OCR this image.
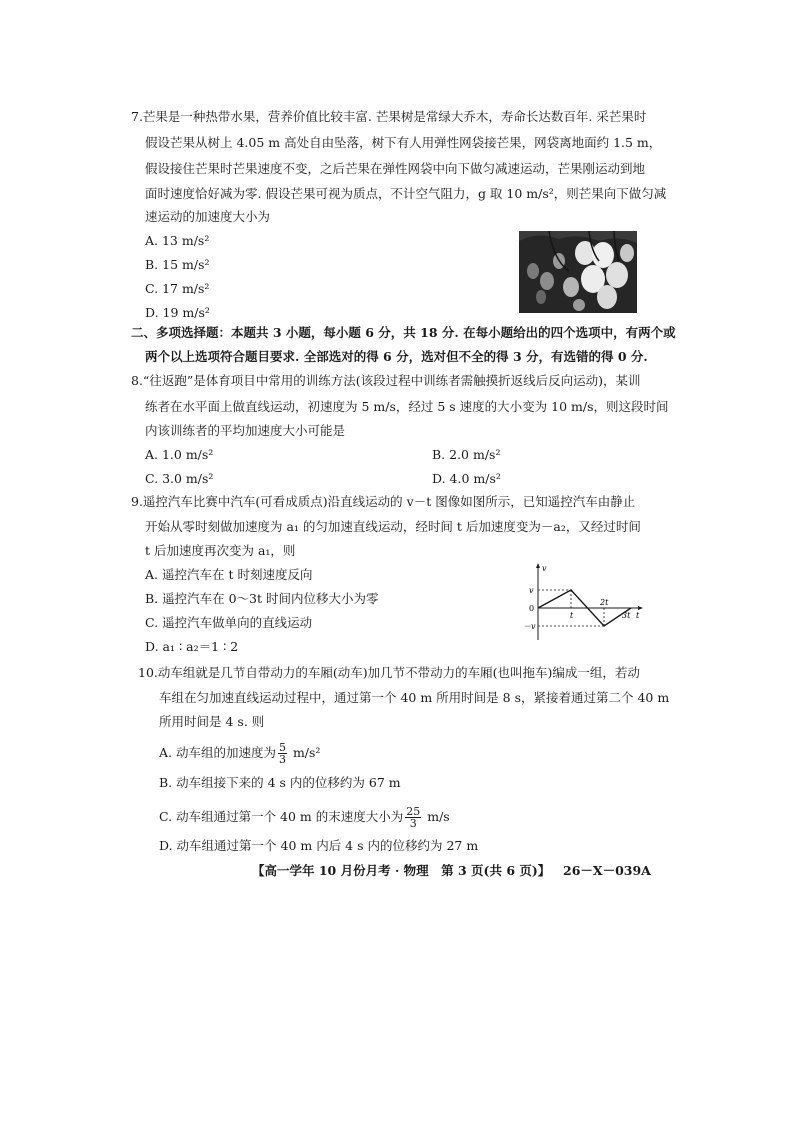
7.芒果是一种热带水果，营养价值比较丰富. 芒果树是常绿大乔木，寿命长达数百年. 采芒果时
假设芒果从树上 4.05 m 高处自由坠落，树下有人用弹性网袋接芒果，网袋离地面约 1.5 m，
假设接住芒果时芒果速度不变，之后芒果在弹性网袋中向下做匀减速运动，芒果刚运动到地
面时速度恰好减为零. 假设芒果可视为质点，不计空气阻力，g 取 10 m/s²，则芒果向下做匀减
速运动的加速度大小为
A. 13 m/s²
B. 15 m/s²
C. 17 m/s²
D. 19 m/s²
二、多项选择题：本题共 3 小题，每小题 6 分，共 18 分. 在每小题给出的四个选项中，有两个或
两个以上选项符合题目要求. 全部选对的得 6 分，选对但不全的得 3 分，有选错的得 0 分.
8.“往返跑”是体育项目中常用的训练方法(该段过程中训练者需触摸折返线后反向运动)，某训
练者在水平面上做直线运动，初速度为 5 m/s，经过 5 s 速度的大小变为 10 m/s，则这段时间
内该训练者的平均加速度大小可能是
A. 1.0 m/s²	B. 2.0 m/s²
C. 3.0 m/s²	D. 4.0 m/s²
9.遥控汽车比赛中汽车(可看成质点)沿直线运动的 v－t 图像如图所示，已知遥控汽车由静止
开始从零时刻做加速度为 a₁ 的匀加速直线运动，经时间 t 后加速度变为－a₂，又经过时间
t 后加速度再次变为 a₁，则
A. 遥控汽车在 t 时刻速度反向
B. 遥控汽车在 0～3t 时间内位移大小为零
C. 遥控汽车做单向的直线运动
D. a₁ ∶ a₂＝1 ∶ 2
v
v
0
－v
t
2t
3t t
10.动车组就是几节自带动力的车厢(动车)加几节不带动力的车厢(也叫拖车)编成一组，若动
车组在匀加速直线运动过程中，通过第一个 40 m 所用时间是 8 s，紧接着通过第二个 40 m
所用时间是 4 s. 则
A. 动车组的加速度为 $\frac{5}{3} m/s^2$
B. 动车组接下来的 4 s 内的位移约为 67 m
C. 动车组通过第一个 40 m 的末速度大小为 $\frac{25}{3} m/s$
D. 动车组通过第一个 40 m 内后 4 s 内的位移约为 27 m
【高一学年 10 月份月考 · 物理　第 3 页(共 6 页)】 26－X－039A
